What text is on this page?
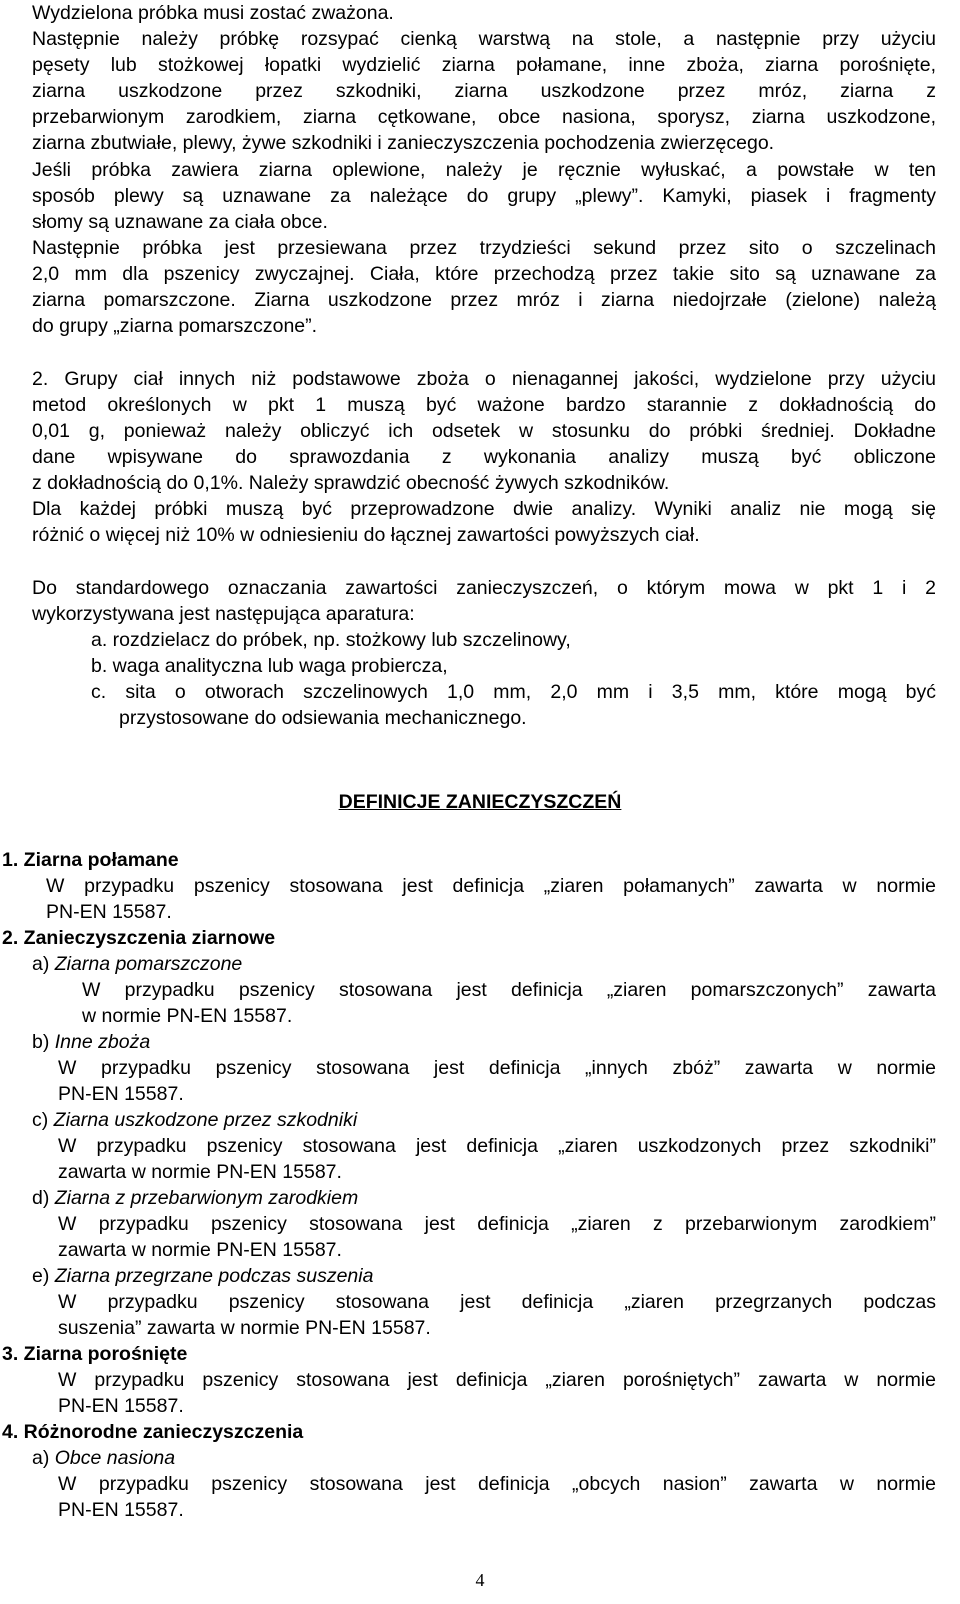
Wydzielona próbka musi zostać zważona.
Następnie należy próbkę rozsypać cienką warstwą na stole, a następnie przy użyciu
pęsety lub stożkowej łopatki wydzielić ziarna połamane, inne zboża, ziarna porośnięte,
ziarna uszkodzone przez szkodniki, ziarna uszkodzone przez mróz, ziarna z
przebarwionym zarodkiem, ziarna cętkowane, obce nasiona, sporysz, ziarna uszkodzone,
ziarna zbutwiałe, plewy, żywe szkodniki i zanieczyszczenia pochodzenia zwierzęcego.
Jeśli próbka zawiera ziarna oplewione, należy je ręcznie wyłuskać, a powstałe w ten
sposób plewy są uznawane za należące do grupy „plewy”. Kamyki, piasek i fragmenty
słomy są uznawane za ciała obce.
Następnie próbka jest przesiewana przez trzydzieści sekund przez sito o szczelinach
2,0 mm dla pszenicy zwyczajnej. Ciała, które przechodzą przez takie sito są uznawane za
ziarna pomarszczone. Ziarna uszkodzone przez mróz i ziarna niedojrzałe (zielone) należą
do grupy „ziarna pomarszczone”.
2. Grupy ciał innych niż podstawowe zboża o nienagannej jakości, wydzielone przy użyciu
metod określonych w pkt 1 muszą być ważone bardzo starannie z dokładnością do
0,01 g, ponieważ należy obliczyć ich odsetek w stosunku do próbki średniej. Dokładne
dane wpisywane do sprawozdania z wykonania analizy muszą być obliczone
z dokładnością do 0,1%. Należy sprawdzić obecność żywych szkodników.
Dla każdej próbki muszą być przeprowadzone dwie analizy. Wyniki analiz nie mogą się
różnić o więcej niż 10% w odniesieniu do łącznej zawartości powyższych ciał.
Do standardowego oznaczania zawartości zanieczyszczeń, o którym mowa w pkt 1 i 2
wykorzystywana jest następująca aparatura:
a. rozdzielacz do próbek, np. stożkowy lub szczelinowy,
b. waga analityczna lub waga probiercza,
c. sita o otworach szczelinowych 1,0 mm, 2,0 mm i 3,5 mm, które mogą być
przystosowane do odsiewania mechanicznego.
DEFINICJE ZANIECZYSZCZEŃ
1. Ziarna połamane
W przypadku pszenicy stosowana jest definicja „ziaren połamanych” zawarta w normie
PN-EN 15587.
2. Zanieczyszczenia ziarnowe
a) Ziarna pomarszczone
W przypadku pszenicy stosowana jest definicja „ziaren pomarszczonych” zawarta
w normie PN-EN 15587.
b) Inne zboża
W przypadku pszenicy stosowana jest definicja „innych zbóż” zawarta w normie
PN-EN 15587.
c) Ziarna uszkodzone przez szkodniki
W przypadku pszenicy stosowana jest definicja „ziaren uszkodzonych przez szkodniki”
zawarta w normie PN-EN 15587.
d) Ziarna z przebarwionym zarodkiem
W przypadku pszenicy stosowana jest definicja „ziaren z przebarwionym zarodkiem”
zawarta w normie PN-EN 15587.
e) Ziarna przegrzane podczas suszenia
W przypadku pszenicy stosowana jest definicja „ziaren przegrzanych podczas
suszenia” zawarta w normie PN-EN 15587.
3. Ziarna porośnięte
W przypadku pszenicy stosowana jest definicja „ziaren porośniętych” zawarta w normie
PN-EN 15587.
4. Różnorodne zanieczyszczenia
a) Obce nasiona
W przypadku pszenicy stosowana jest definicja „obcych nasion” zawarta w normie
PN-EN 15587.
4
